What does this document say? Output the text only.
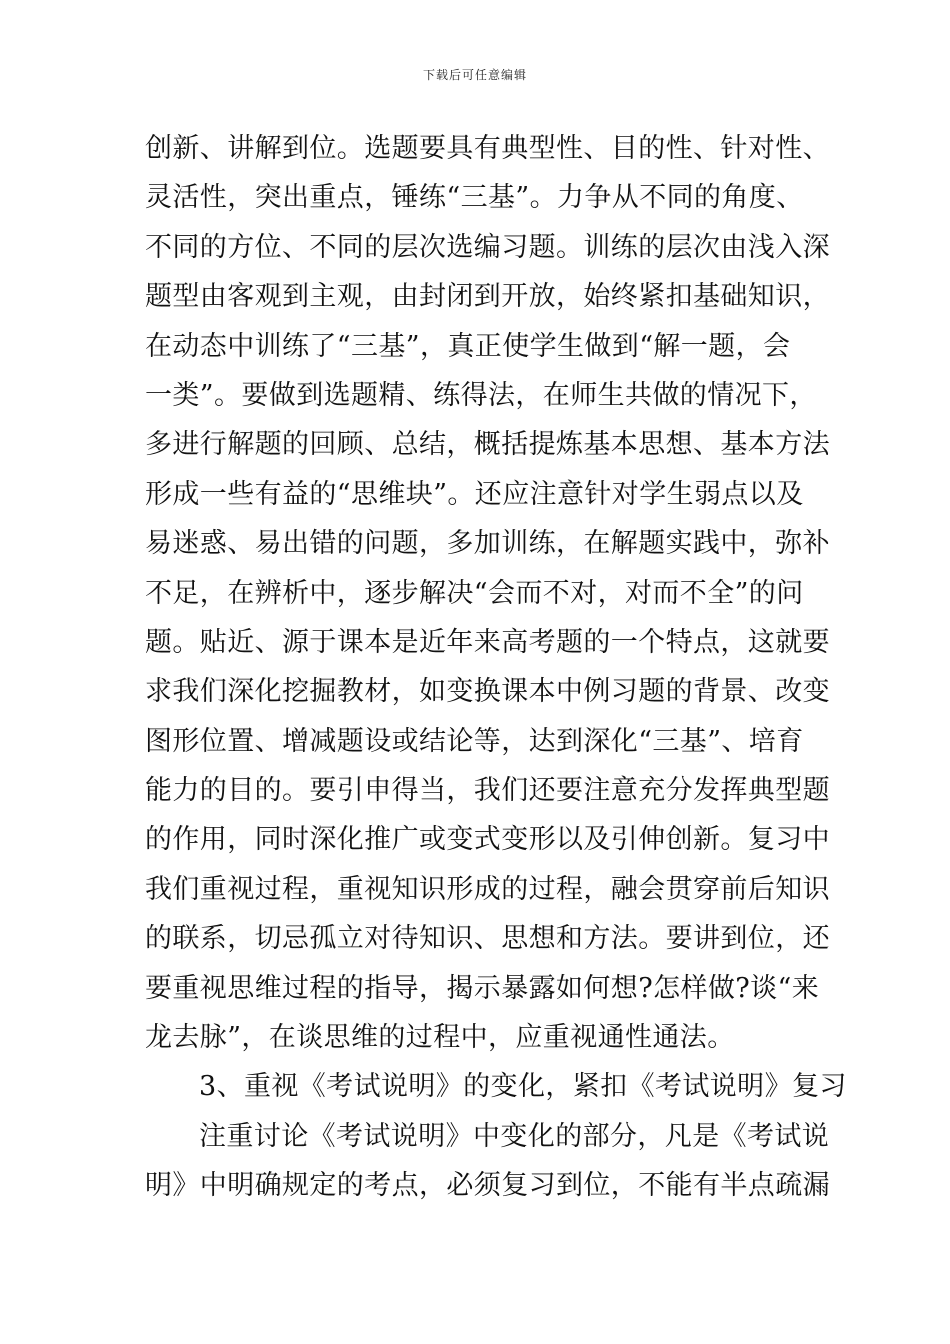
下载后可任意编辑
创新、讲解到位。选题要具有典型性、目的性、针对性、
灵活性，突出重点，锤练“三基”。力争从不同的角度、
不同的方位、不同的层次选编习题。训练的层次由浅入深
题型由客观到主观，由封闭到开放，始终紧扣基础知识，
在动态中训练了“三基”，真正使学生做到“解一题，会
一类”。要做到选题精、练得法，在师生共做的情况下，
多进行解题的回顾、总结，概括提炼基本思想、基本方法
形成一些有益的“思维块”。还应注意针对学生弱点以及
易迷惑、易出错的问题，多加训练，在解题实践中，弥补
不足，在辨析中，逐步解决“会而不对，对而不全”的问
题。贴近、源于课本是近年来高考题的一个特点，这就要
求我们深化挖掘教材，如变换课本中例习题的背景、改变
图形位置、增减题设或结论等，达到深化“三基”、培育
能力的目的。要引申得当，我们还要注意充分发挥典型题
的作用，同时深化推广或变式变形以及引伸创新。复习中
我们重视过程，重视知识形成的过程，融会贯穿前后知识
的联系，切忌孤立对待知识、思想和方法。要讲到位，还
要重视思维过程的指导，揭示暴露如何想?怎样做?谈“来
龙去脉”，在谈思维的过程中，应重视通性通法。
3、重视《考试说明》的变化，紧扣《考试说明》复习
注重讨论《考试说明》中变化的部分，凡是《考试说
明》中明确规定的考点，必须复习到位，不能有半点疏漏
